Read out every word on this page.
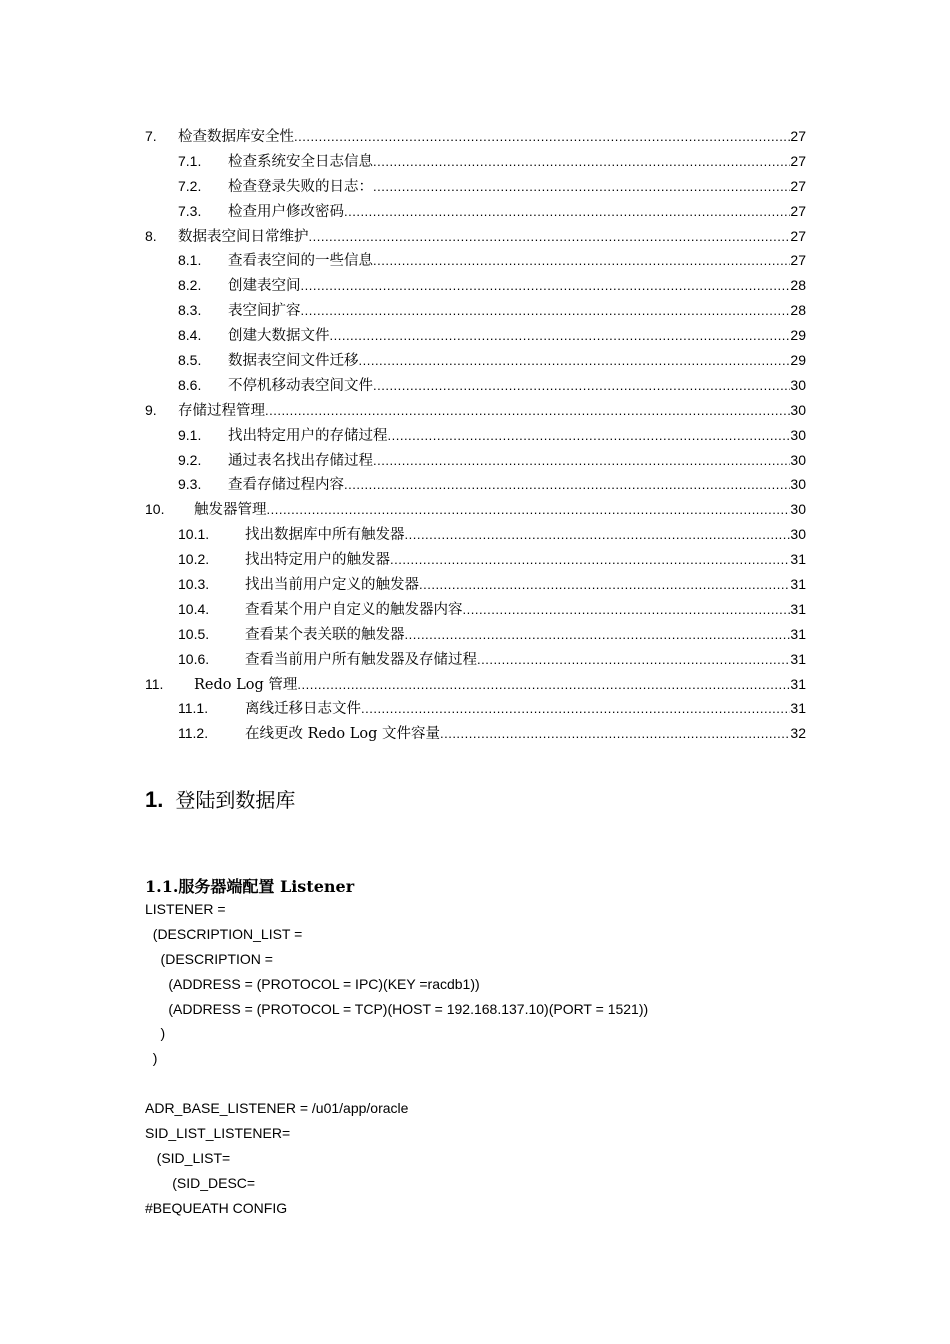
7.	检查数据库安全性 .....	27
7.1.	检查系统安全日志信息 .....	27
7.2.	检查登录失败的日志： .....	27
7.3.	检查用户修改密码 .....	27
8.	数据表空间日常维护 .....	27
8.1.	查看表空间的一些信息 .....	27
8.2.	创建表空间 .....	28
8.3.	表空间扩容 .....	28
8.4.	创建大数据文件 .....	29
8.5.	数据表空间文件迁移 .....	29
8.6.	不停机移动表空间文件 .....	30
9.	存储过程管理 .....	30
9.1.	找出特定用户的存储过程 .....	30
9.2.	通过表名找出存储过程 .....	30
9.3.	查看存储过程内容 .....	30
10.	触发器管理 .....	30
10.1.	找出数据库中所有触发器 .....	30
10.2.	找出特定用户的触发器 .....	31
10.3.	找出当前用户定义的触发器 .....	31
10.4.	查看某个用户自定义的触发器内容 .....	31
10.5.	查看某个表关联的触发器 .....	31
10.6.	查看当前用户所有触发器及存储过程 .....	31
11.	Redo Log 管理 .....	31
11.1.	离线迁移日志文件 .....	31
11.2.	在线更改 Redo Log 文件容量 .....	32
1. 登陆到数据库
1.1.服务器端配置 Listener
LISTENER =
(DESCRIPTION_LIST =
(DESCRIPTION =
(ADDRESS = (PROTOCOL = IPC)(KEY =racdb1))
(ADDRESS = (PROTOCOL = TCP)(HOST = 192.168.137.10)(PORT = 1521))
)
)
ADR_BASE_LISTENER = /u01/app/oracle
SID_LIST_LISTENER=
(SID_LIST=
(SID_DESC=
#BEQUEATH CONFIG
